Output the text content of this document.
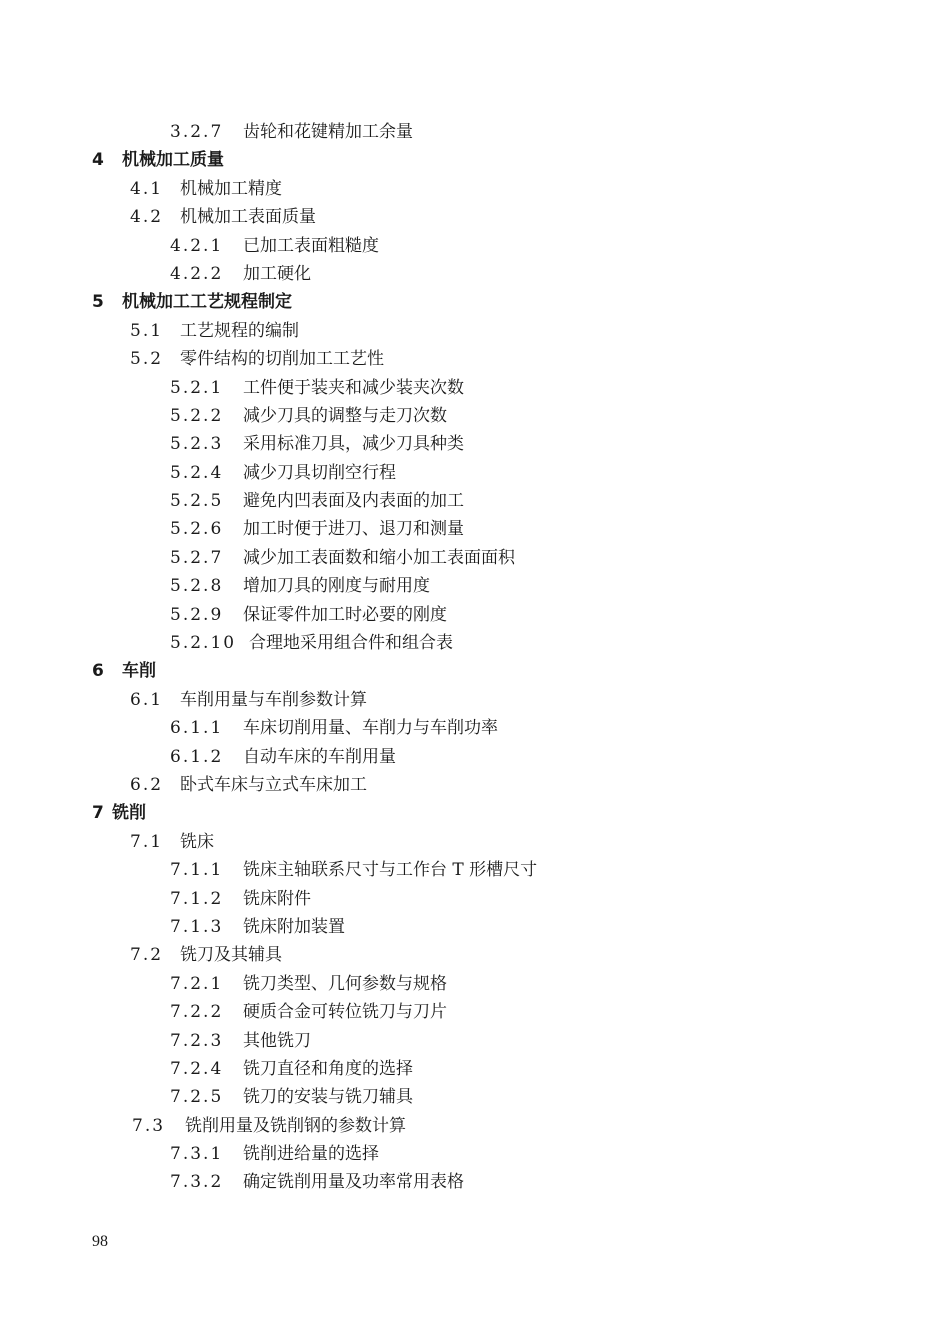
3.2.7 齿轮和花键精加工余量
4 机械加工质量
4.1 机械加工精度
4.2 机械加工表面质量
4.2.1 已加工表面粗糙度
4.2.2 加工硬化
5 机械加工工艺规程制定
5.1 工艺规程的编制
5.2 零件结构的切削加工工艺性
5.2.1 工件便于装夹和减少装夹次数
5.2.2 减少刀具的调整与走刀次数
5.2.3 采用标准刀具，减少刀具种类
5.2.4 减少刀具切削空行程
5.2.5 避免内凹表面及内表面的加工
5.2.6 加工时便于进刀、退刀和测量
5.2.7 减少加工表面数和缩小加工表面面积
5.2.8 增加刀具的刚度与耐用度
5.2.9 保证零件加工时必要的刚度
5.2.10 合理地采用组合件和组合表
6 车削
6.1 车削用量与车削参数计算
6.1.1 车床切削用量、车削力与车削功率
6.1.2 自动车床的车削用量
6.2 卧式车床与立式车床加工
7 铣削
7.1 铣床
7.1.1 铣床主轴联系尺寸与工作台 T 形槽尺寸
7.1.2 铣床附件
7.1.3 铣床附加装置
7.2 铣刀及其辅具
7.2.1 铣刀类型、几何参数与规格
7.2.2 硬质合金可转位铣刀与刀片
7.2.3 其他铣刀
7.2.4 铣刀直径和角度的选择
7.2.5 铣刀的安装与铣刀辅具
7.3 铣削用量及铣削钢的参数计算
7.3.1 铣削进给量的选择
7.3.2 确定铣削用量及功率常用表格
98
